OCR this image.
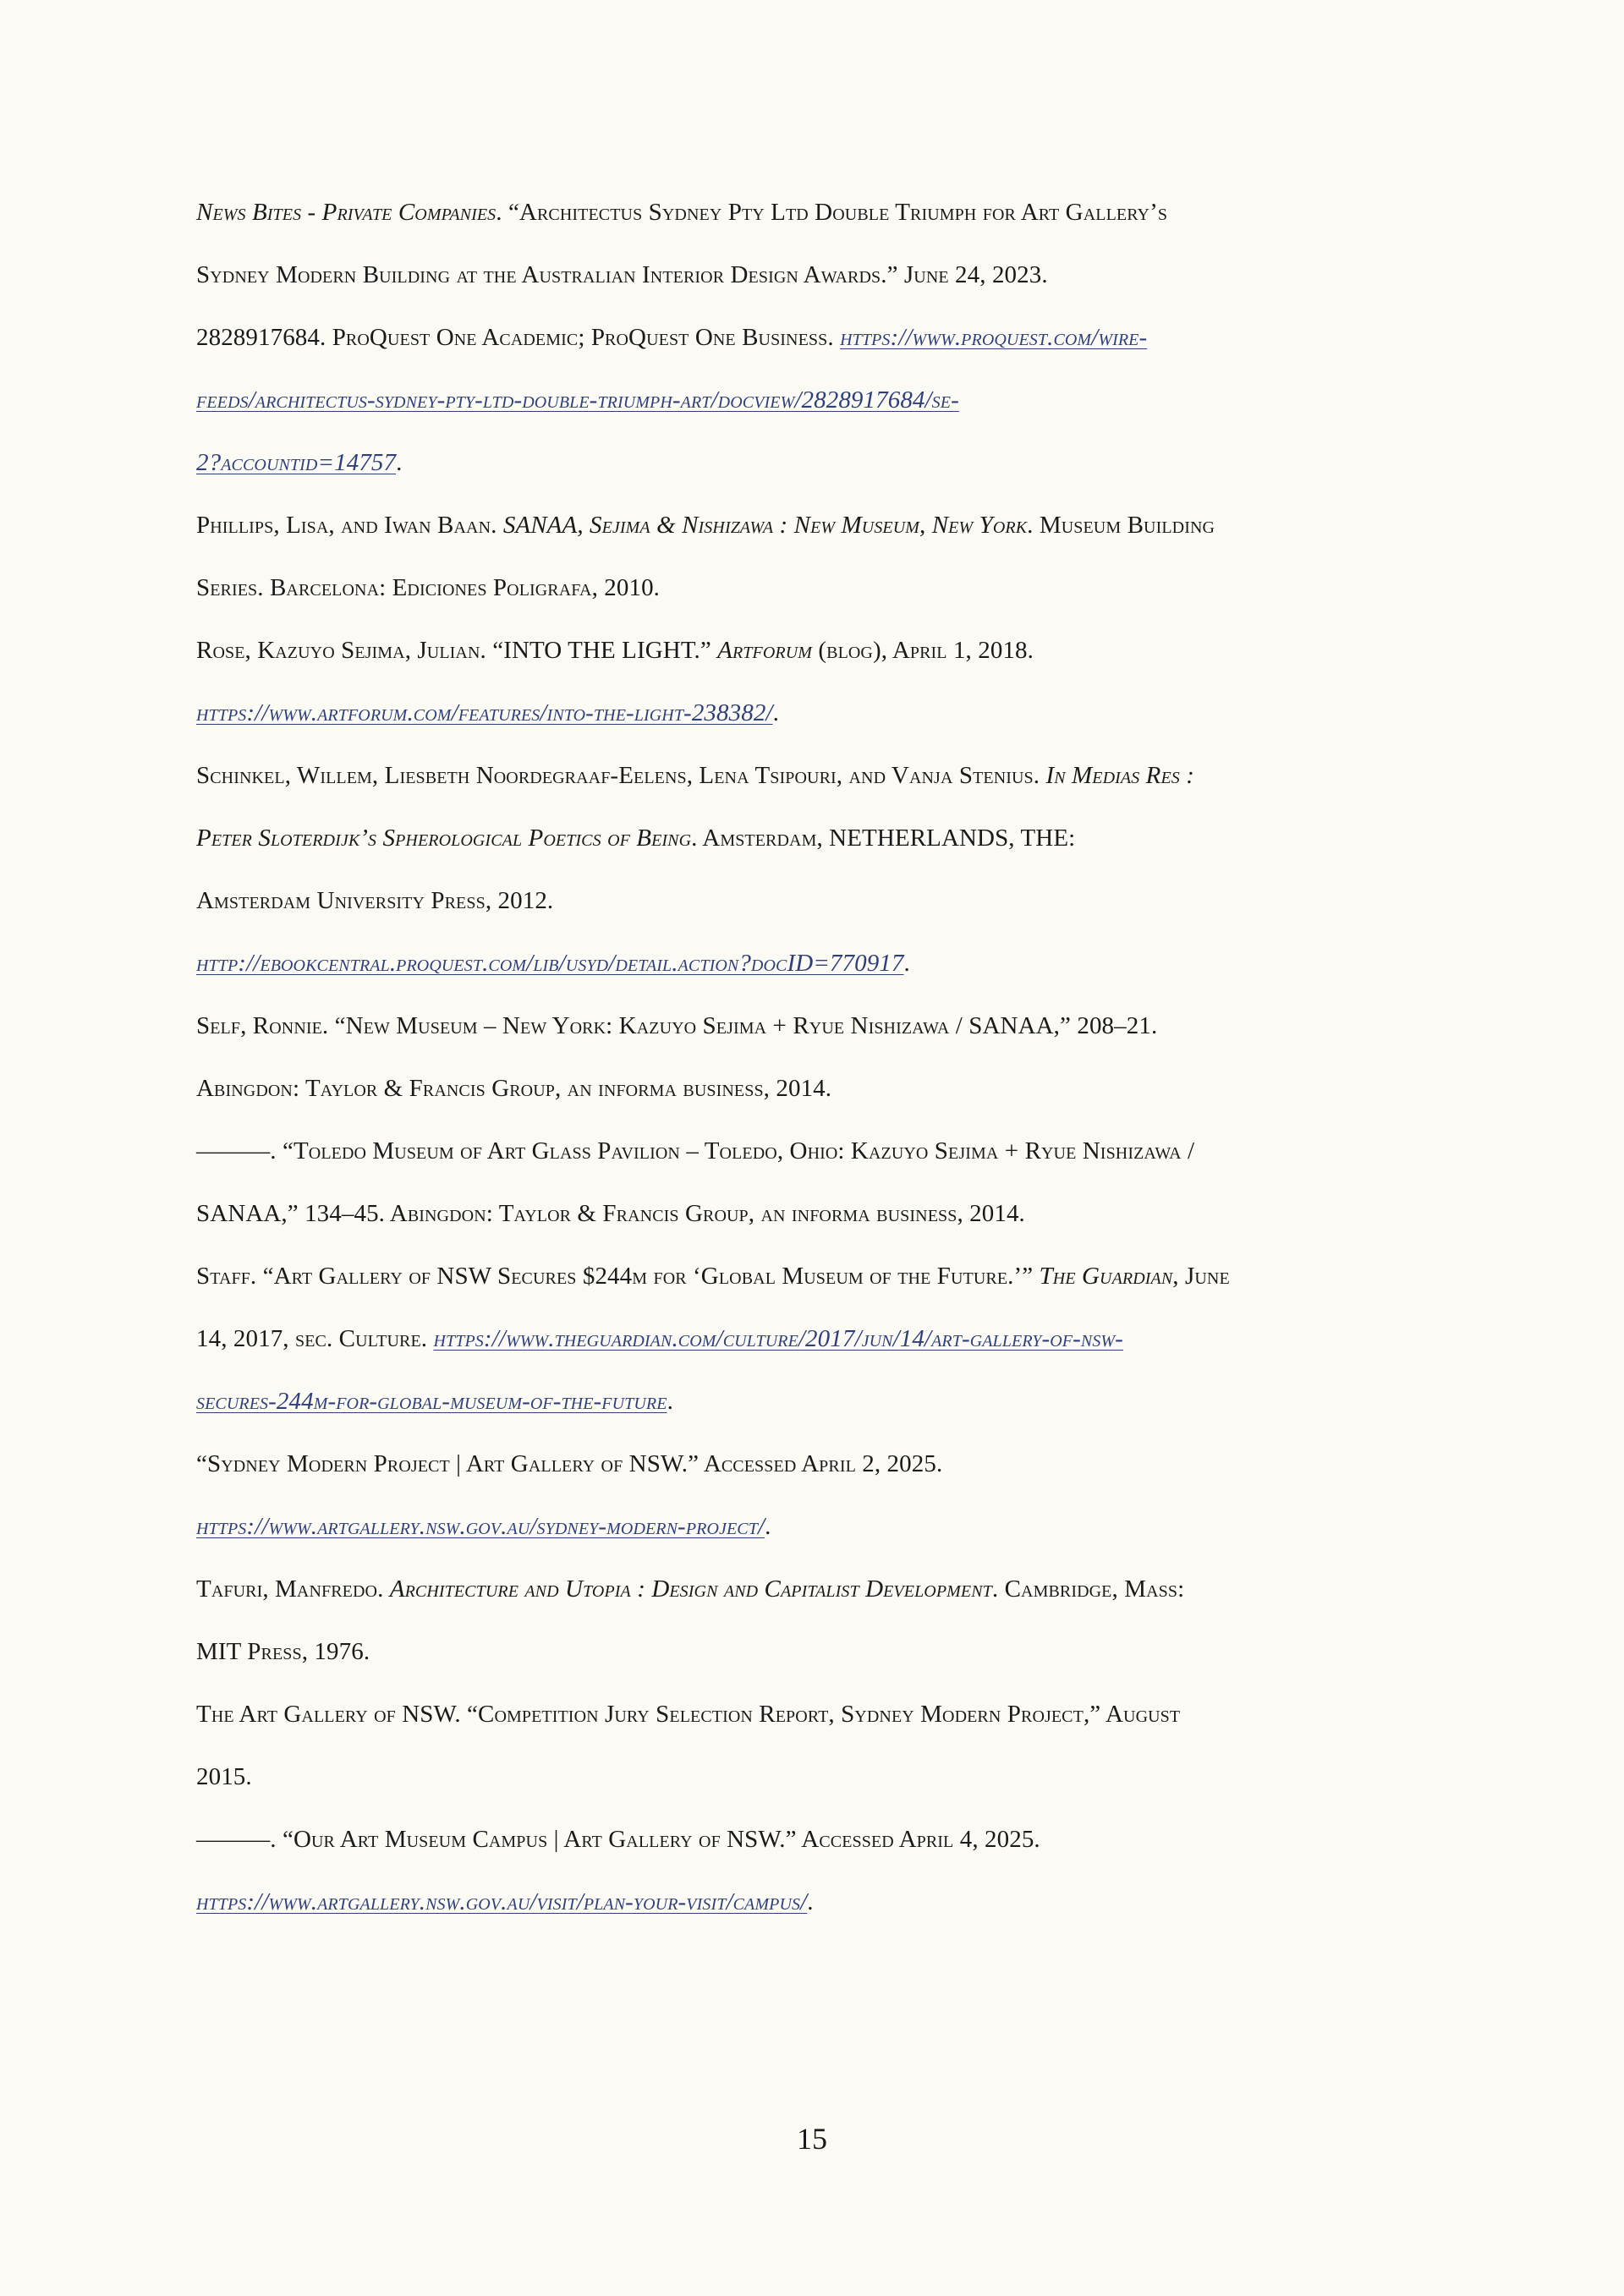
News Bites - Private Companies. “Architectus Sydney Pty Ltd Double Triumph for Art Gallery’s
Sydney Modern Building at the Australian Interior Design Awards.” June 24, 2023.
2828917684. ProQuest One Academic; ProQuest One Business. https://www.proquest.com/wire-
feeds/architectus-sydney-pty-ltd-double-triumph-art/docview/2828917684/se-
2?accountid=14757.
Phillips, Lisa, and Iwan Baan. SANAA, Sejima & Nishizawa : New Museum, New York. Museum Building
Series. Barcelona: Ediciones Poligrafa, 2010.
Rose, Kazuyo Sejima, Julian. “INTO THE LIGHT.” Artforum (blog), April 1, 2018.
https://www.artforum.com/features/into-the-light-238382/.
Schinkel, Willem, Liesbeth Noordegraaf-Eelens, Lena Tsipouri, and Vanja Stenius. In Medias Res :
Peter Sloterdijk’s Spherological Poetics of Being. Amsterdam, NETHERLANDS, THE:
Amsterdam University Press, 2012.
http://ebookcentral.proquest.com/lib/usyd/detail.action?docID=770917.
Self, Ronnie. “New Museum – New York: Kazuyo Sejima + Ryue Nishizawa / SANAA,” 208–21.
Abingdon: Taylor & Francis Group, an informa business, 2014.
———. “Toledo Museum of Art Glass Pavilion – Toledo, Ohio: Kazuyo Sejima + Ryue Nishizawa /
SANAA,” 134–45. Abingdon: Taylor & Francis Group, an informa business, 2014.
Staff. “Art Gallery of NSW Secures $244m for ‘Global Museum of the Future.’” The Guardian, June
14, 2017, sec. Culture. https://www.theguardian.com/culture/2017/jun/14/art-gallery-of-nsw-
secures-244m-for-global-museum-of-the-future.
“Sydney Modern Project | Art Gallery of NSW.” Accessed April 2, 2025.
https://www.artgallery.nsw.gov.au/sydney-modern-project/.
Tafuri, Manfredo. Architecture and Utopia : Design and Capitalist Development. Cambridge, Mass:
MIT Press, 1976.
The Art Gallery of NSW. “Competition Jury Selection Report, Sydney Modern Project,” August
2015.
———. “Our Art Museum Campus | Art Gallery of NSW.” Accessed April 4, 2025.
https://www.artgallery.nsw.gov.au/visit/plan-your-visit/campus/.
15
